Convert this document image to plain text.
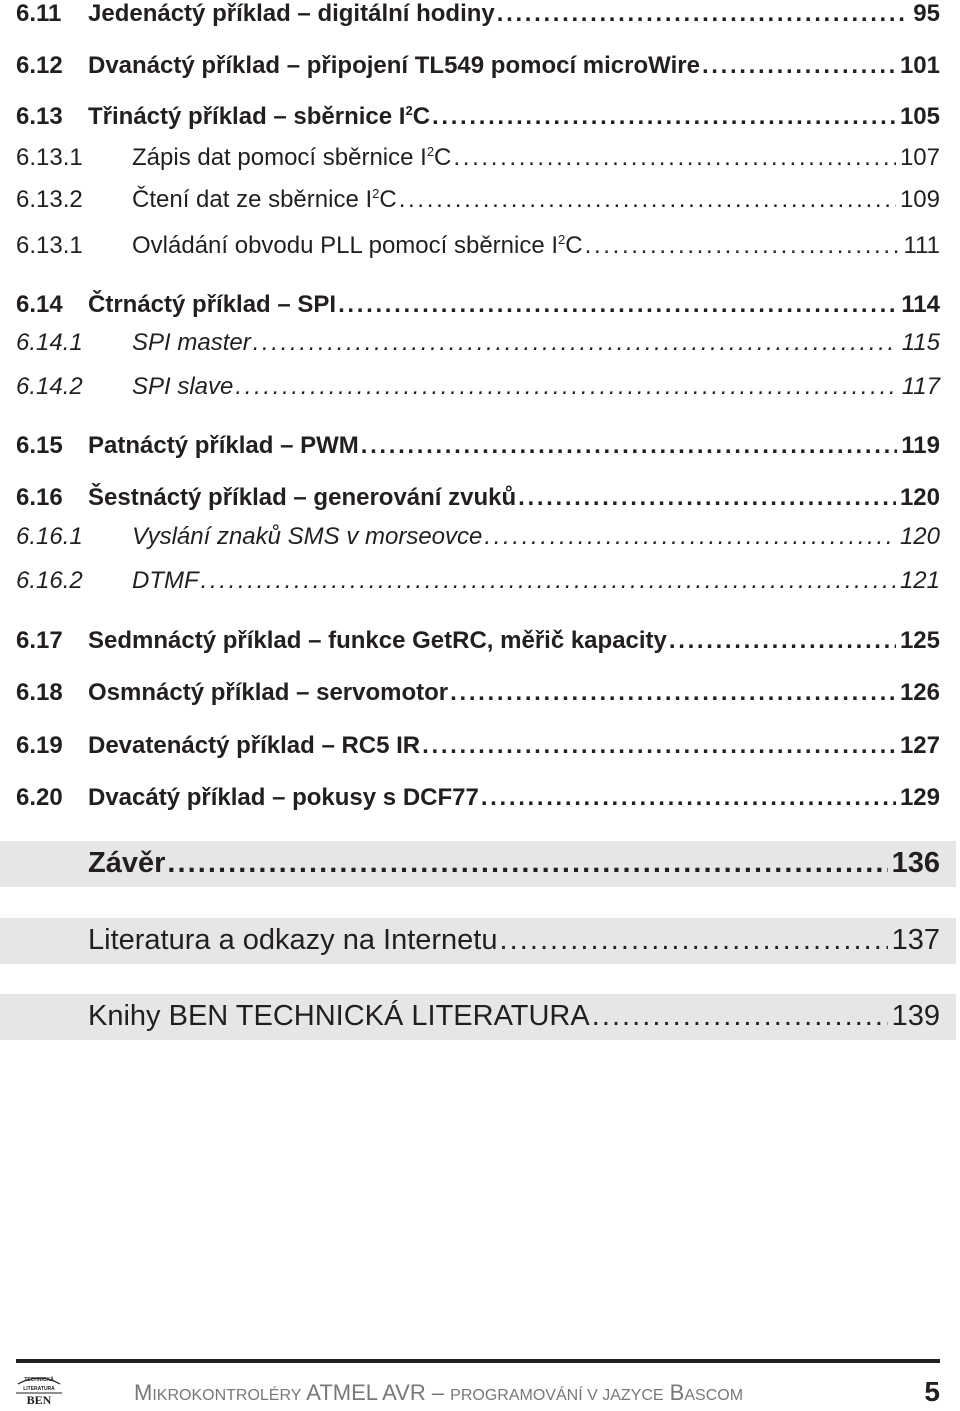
6.11	Jedenáctý příklad – digitální hodiny . . .	95
6.12	Dvanáctý příklad – připojení TL549 pomocí microWire . . .	101
6.13	Třináctý příklad – sběrnice $I^2C$ . . .	105
6.13.1	Zápis dat pomocí sběrnice $I^2C$ . . .	107
6.13.2	Čtení dat ze sběrnice $I^2C$ . . .	109
6.13.1	Ovládání obvodu PLL pomocí sběrnice $I^2C$ . . .	111
6.14	Čtrnáctý příklad – SPI . . .	114
6.14.1	SPI master . . .	115
6.14.2	SPI slave . . .	117
6.15	Patnáctý příklad – PWM . . .	119
6.16	Šestnáctý příklad – generování zvuků . . .	120
6.16.1	Vyslání znaků SMS v morseovce . . .	120
6.16.2	DTMF . . .	121
6.17	Sedmnáctý příklad – funkce GetRC, měřič kapacity . . .	125
6.18	Osmnáctý příklad – servomotor . . .	126
6.19	Devatenáctý příklad – RC5 IR . . .	127
6.20	Dvacátý příklad – pokusy s DCF77 . . .	129
Závěr . . .	136
Literatura a odkazy na Internetu . . .	137
Knihy BEN TECHNICKÁ LITERATURA . . .	139
TECHNICKÁ
LITERATURA
BEN	MIKROKONTROLÉRY ATMEL AVR – PROGRAMOVÁNÍ V JAZYCE BASCOM	5
